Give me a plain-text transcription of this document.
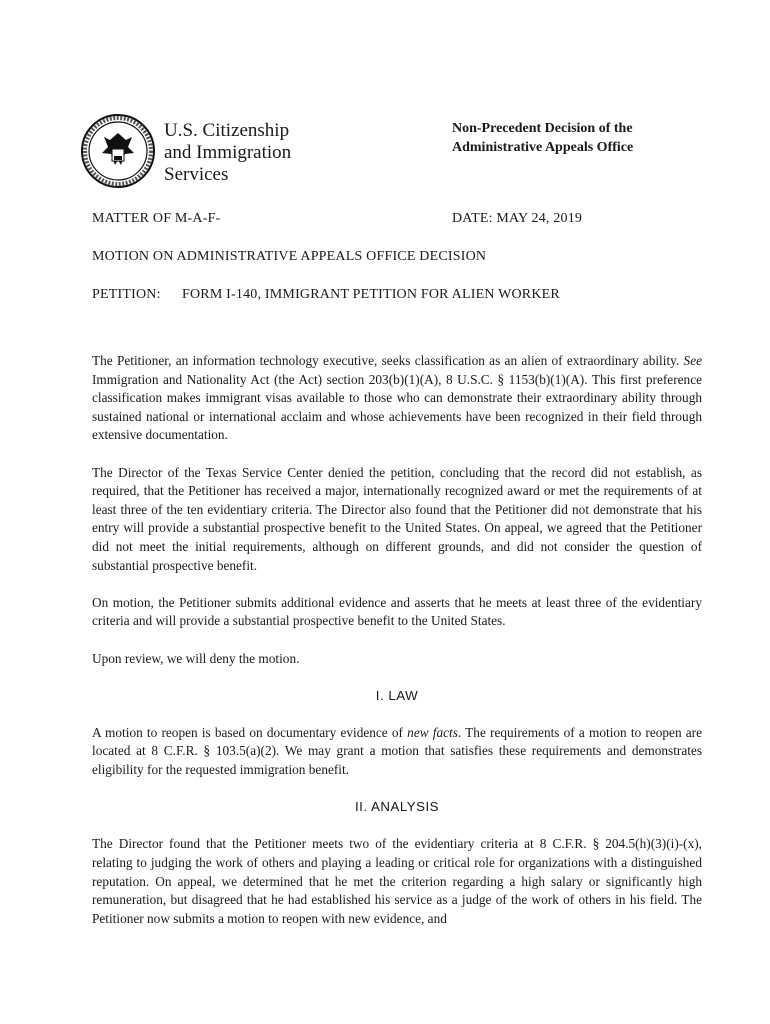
U.S. Citizenship
and Immigration
Services
Non-Precedent Decision of the
Administrative Appeals Office
MATTER OF M-A-F-	DATE: MAY 24, 2019
MOTION ON ADMINISTRATIVE APPEALS OFFICE DECISION
PETITION: FORM I-140, IMMIGRANT PETITION FOR ALIEN WORKER

The Petitioner, an information technology executive, seeks classification as an alien of extraordinary ability. See Immigration and Nationality Act (the Act) section 203(b)(1)(A), 8 U.S.C. § 1153(b)(1)(A). This first preference classification makes immigrant visas available to those who can demonstrate their extraordinary ability through sustained national or international acclaim and whose achievements have been recognized in their field through extensive documentation.

The Director of the Texas Service Center denied the petition, concluding that the record did not establish, as required, that the Petitioner has received a major, internationally recognized award or met the requirements of at least three of the ten evidentiary criteria. The Director also found that the Petitioner did not demonstrate that his entry will provide a substantial prospective benefit to the United States. On appeal, we agreed that the Petitioner did not meet the initial requirements, although on different grounds, and did not consider the question of substantial prospective benefit.

On motion, the Petitioner submits additional evidence and asserts that he meets at least three of the evidentiary criteria and will provide a substantial prospective benefit to the United States.

Upon review, we will deny the motion.

I. LAW

A motion to reopen is based on documentary evidence of new facts. The requirements of a motion to reopen are located at 8 C.F.R. § 103.5(a)(2). We may grant a motion that satisfies these requirements and demonstrates eligibility for the requested immigration benefit.

II. ANALYSIS

The Director found that the Petitioner meets two of the evidentiary criteria at 8 C.F.R. § 204.5(h)(3)(i)-(x), relating to judging the work of others and playing a leading or critical role for organizations with a distinguished reputation. On appeal, we determined that he met the criterion regarding a high salary or significantly high remuneration, but disagreed that he had established his service as a judge of the work of others in his field. The Petitioner now submits a motion to reopen with new evidence, and
